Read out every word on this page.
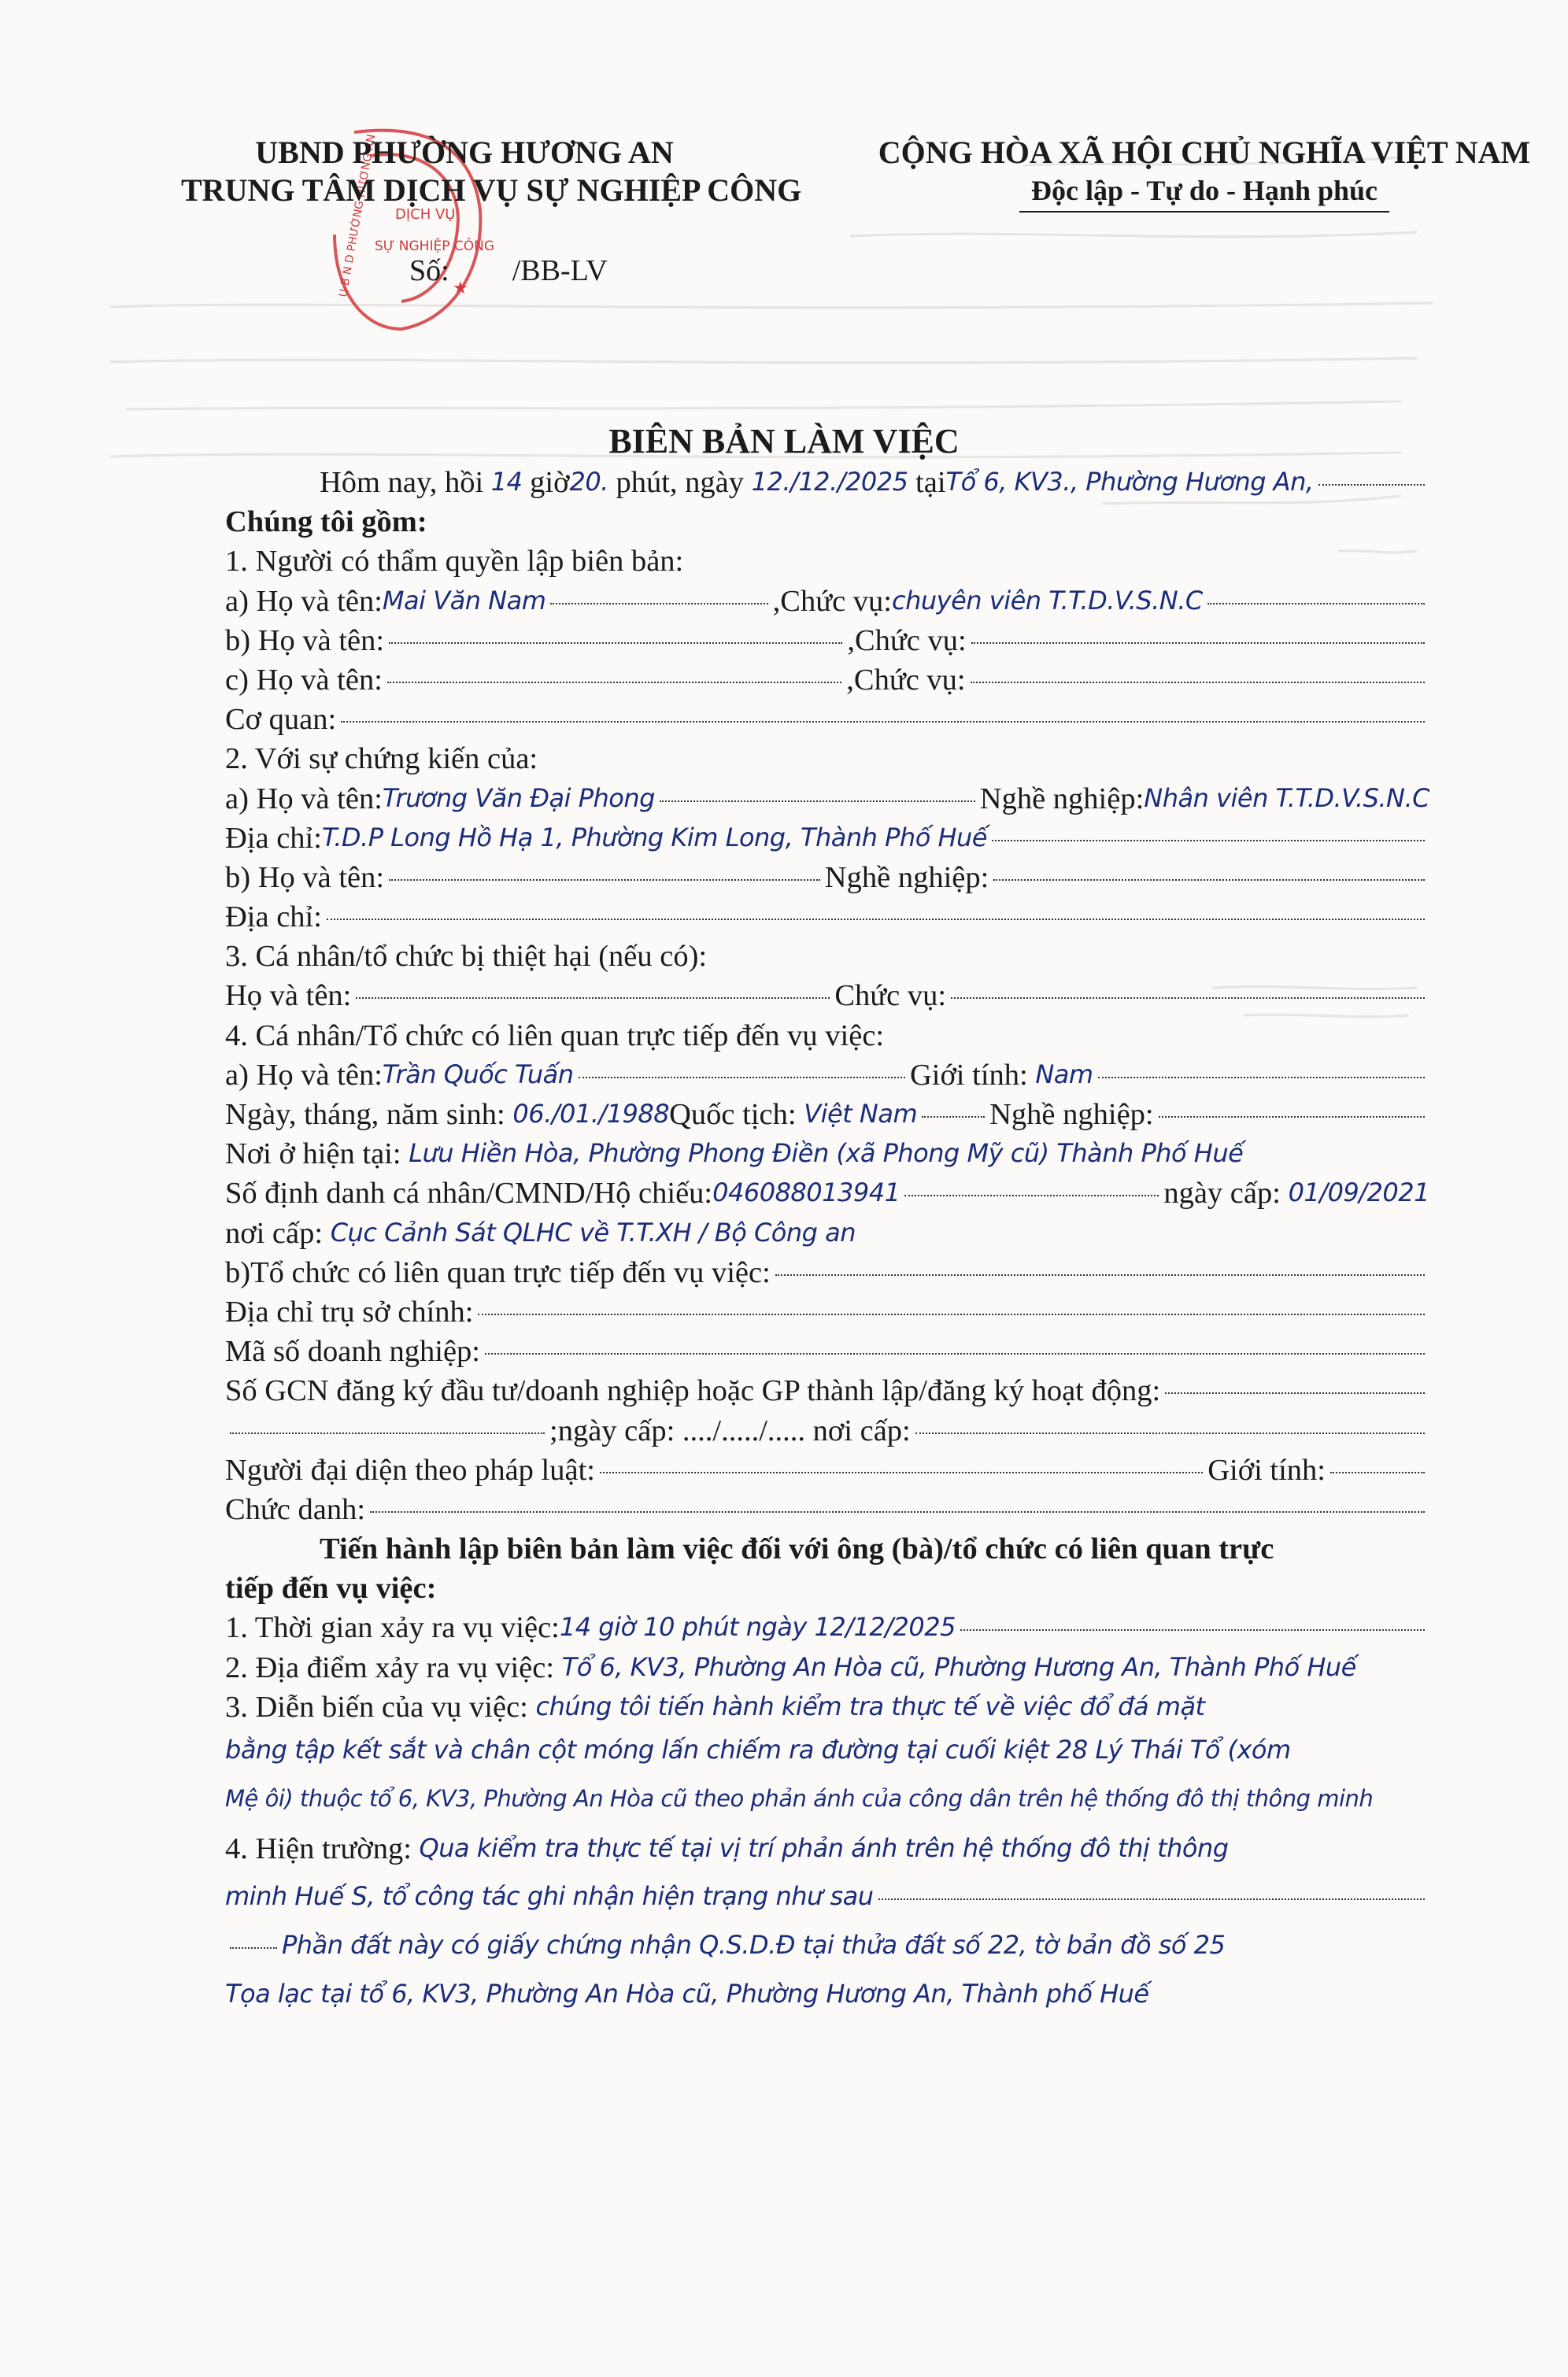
DỊCH VỤ
SỰ NGHIỆP CÔNG
U B N D PHƯỜNG HƯƠNG AN	★
UBND PHƯỜNG HƯƠNG AN
TRUNG TÂM DỊCH VỤ SỰ NGHIỆP CÔNG
Số: /BB-LV
CỘNG HÒA XÃ HỘI CHỦ NGHĨA VIỆT NAM
Độc lập - Tự do - Hạnh phúc
BIÊN BẢN LÀM VIỆC
Hôm nay, hồi
14
giờ 20.
phút, ngày
12./12./2025
tại Tổ 6, KV3., Phường Hương An,
Chúng tôi gồm:
1. Người có thẩm quyền lập biên bản:
a) Họ và tên: Mai Văn Nam	,Chức vụ: chuyên viên T.T.D.V.S.N.C
b) Họ và tên:	,Chức vụ:
c) Họ và tên:	,Chức vụ:
Cơ quan:
2. Với sự chứng kiến của:
a) Họ và tên: Trương Văn Đại Phong	Nghề nghiệp: Nhân viên T.T.D.V.S.N.C
Địa chỉ: T.D.P Long Hồ Hạ 1, Phường Kim Long, Thành Phố Huế
b) Họ và tên:	Nghề nghiệp:
Địa chỉ:
3. Cá nhân/tổ chức bị thiệt hại (nếu có):
Họ và tên:	Chức vụ:
4. Cá nhân/Tổ chức có liên quan trực tiếp đến vụ việc:
a) Họ và tên: Trần Quốc Tuấn	Giới tính:
Nam
Ngày, tháng, năm sinh:
06./01./1988 Quốc tịch:
Việt Nam Nghề nghiệp:
Nơi ở hiện tại:
Lưu Hiền Hòa, Phường Phong Điền (xã Phong Mỹ cũ) Thành Phố Huế
Số định danh cá nhân/CMND/Hộ chiếu: 046088013941	ngày cấp:
01/09/2021
nơi cấp:
Cục Cảnh Sát QLHC về T.T.XH / Bộ Công an
b)Tổ chức có liên quan trực tiếp đến vụ việc:
Địa chỉ trụ sở chính:
Mã số doanh nghiệp:
Số GCN đăng ký đầu tư/doanh nghiệp hoặc GP thành lập/đăng ký hoạt động:
;ngày cấp: ..../...../..... nơi cấp:
Người đại diện theo pháp luật:	Giới tính:
Chức danh:
Tiến hành lập biên bản làm việc đối với ông (bà)/tổ chức có liên quan trực
tiếp đến vụ việc:
1. Thời gian xảy ra vụ việc: 14 giờ 10 phút ngày 12/12/2025
2. Địa điểm xảy ra vụ việc:
Tổ 6, KV3, Phường An Hòa cũ, Phường Hương An, Thành Phố Huế
3. Diễn biến của vụ việc:
chúng tôi tiến hành kiểm tra thực tế về việc đổ đá mặt
bằng tập kết sắt và chân cột móng lấn chiếm ra đường tại cuối kiệt 28 Lý Thái Tổ (xóm
Mệ ôi) thuộc tổ 6, KV3, Phường An Hòa cũ theo phản ánh của công dân trên hệ thống đô thị thông minh
4. Hiện trường:
Qua kiểm tra thực tế tại vị trí phản ánh trên hệ thống đô thị thông
minh Huế S, tổ công tác ghi nhận hiện trạng như sau
Phần đất này có giấy chứng nhận Q.S.D.Đ tại thửa đất số 22, tờ bản đồ số 25
Tọa lạc tại tổ 6, KV3, Phường An Hòa cũ, Phường Hương An, Thành phố Huế
